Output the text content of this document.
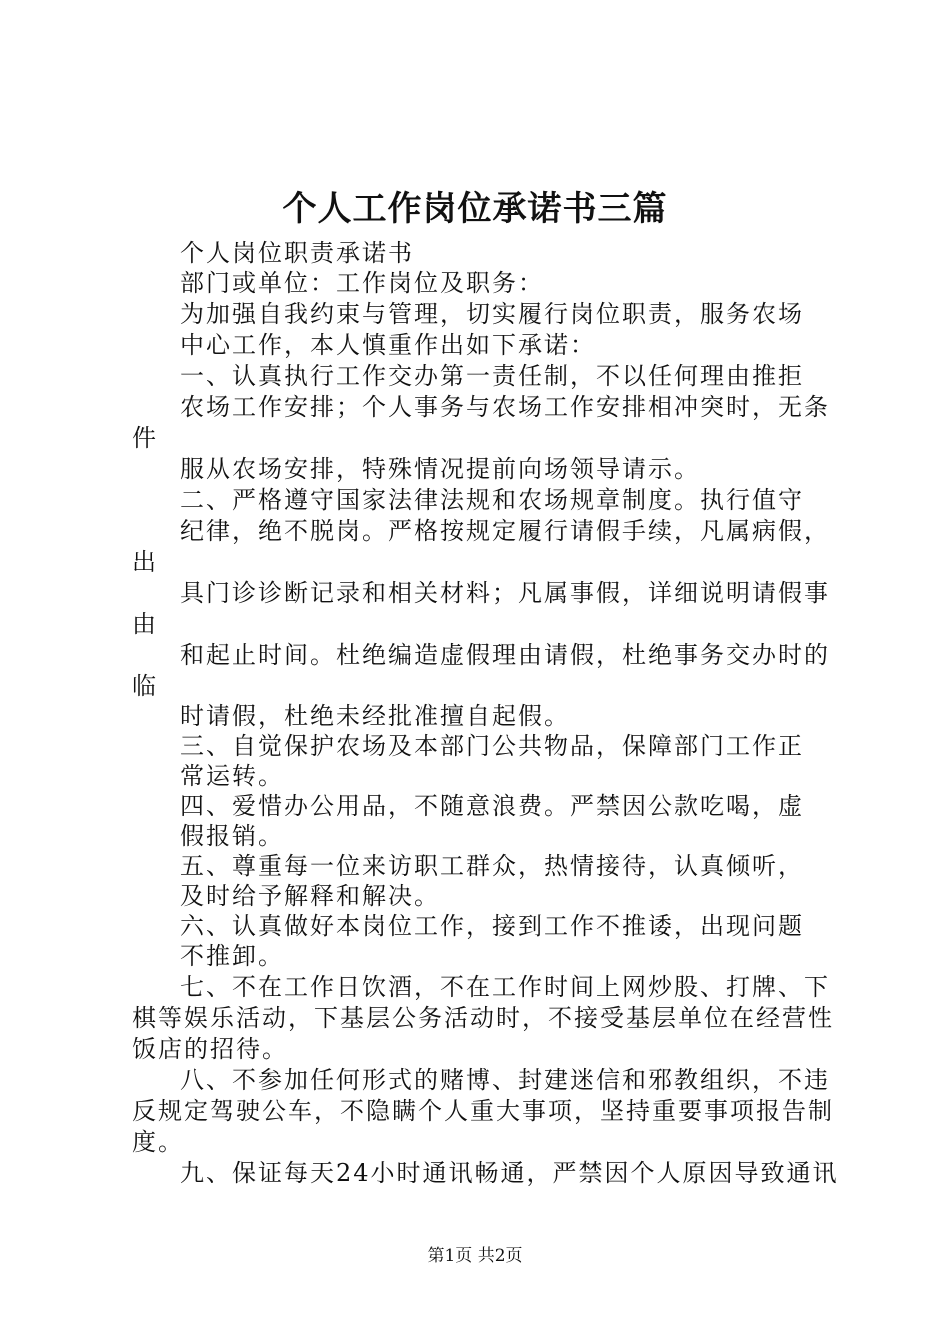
个人工作岗位承诺书三篇
个人岗位职责承诺书
部门或单位：工作岗位及职务：
为加强自我约束与管理，切实履行岗位职责，服务农场
中心工作，本人慎重作出如下承诺：
一、认真执行工作交办第一责任制，不以任何理由推拒
农场工作安排；个人事务与农场工作安排相冲突时，无条
件
服从农场安排，特殊情况提前向场领导请示。
二、严格遵守国家法律法规和农场规章制度。执行值守
纪律，绝不脱岗。严格按规定履行请假手续，凡属病假，
出
具门诊诊断记录和相关材料；凡属事假，详细说明请假事
由
和起止时间。杜绝编造虚假理由请假，杜绝事务交办时的
临
时请假，杜绝未经批准擅自起假。
三、自觉保护农场及本部门公共物品，保障部门工作正
常运转。
四、爱惜办公用品，不随意浪费。严禁因公款吃喝，虚
假报销。
五、尊重每一位来访职工群众，热情接待，认真倾听，
及时给予解释和解决。
六、认真做好本岗位工作，接到工作不推诿，出现问题
不推卸。
七、不在工作日饮酒，不在工作时间上网炒股、打牌、下
棋等娱乐活动，下基层公务活动时，不接受基层单位在经营性
饭店的招待。
八、不参加任何形式的赌博、封建迷信和邪教组织，不违
反规定驾驶公车，不隐瞒个人重大事项，坚持重要事项报告制
度。
九、保证每天24小时通讯畅通，严禁因个人原因导致通讯
第1页 共2页
